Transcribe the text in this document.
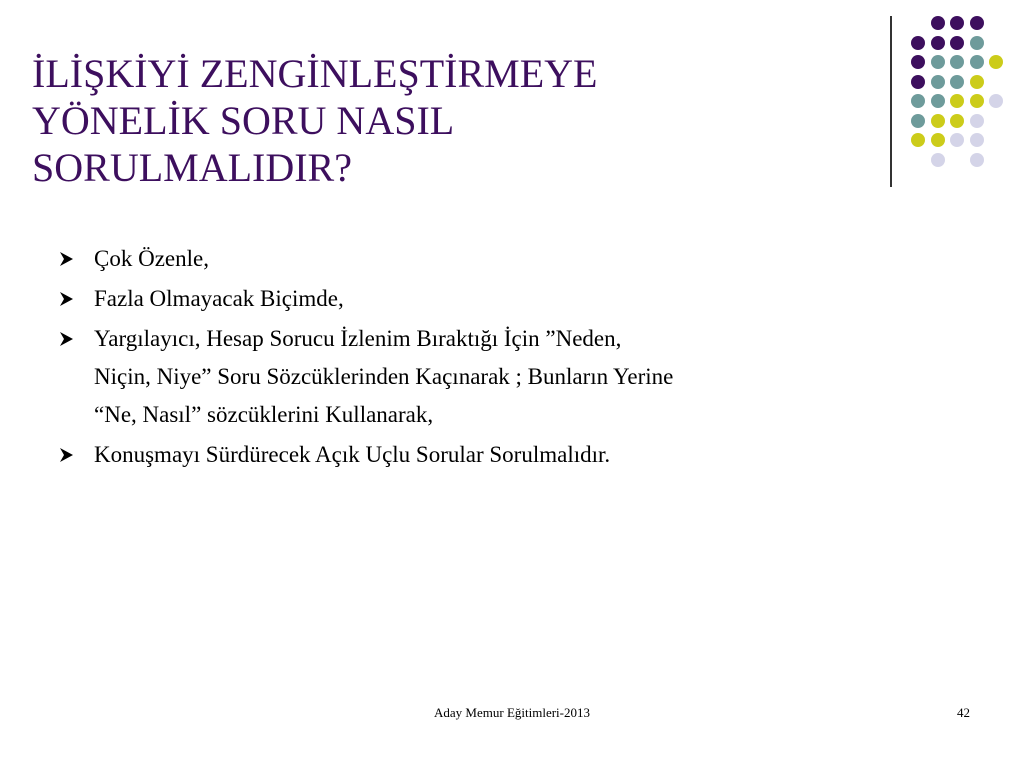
İLİŞKİYİ ZENGİNLEŞTİRMEYE
YÖNELİK SORU NASIL
SORULMALIDIR?
Çok Özenle,
Fazla Olmayacak Biçimde,
Yargılayıcı, Hesap Sorucu İzlenim Bıraktığı İçin ”Neden,
Niçin, Niye” Soru Sözcüklerinden Kaçınarak ; Bunların Yerine
“Ne, Nasıl” sözcüklerini Kullanarak,
Konuşmayı Sürdürecek Açık Uçlu Sorular Sorulmalıdır.
Aday Memur Eğitimleri-2013	42
